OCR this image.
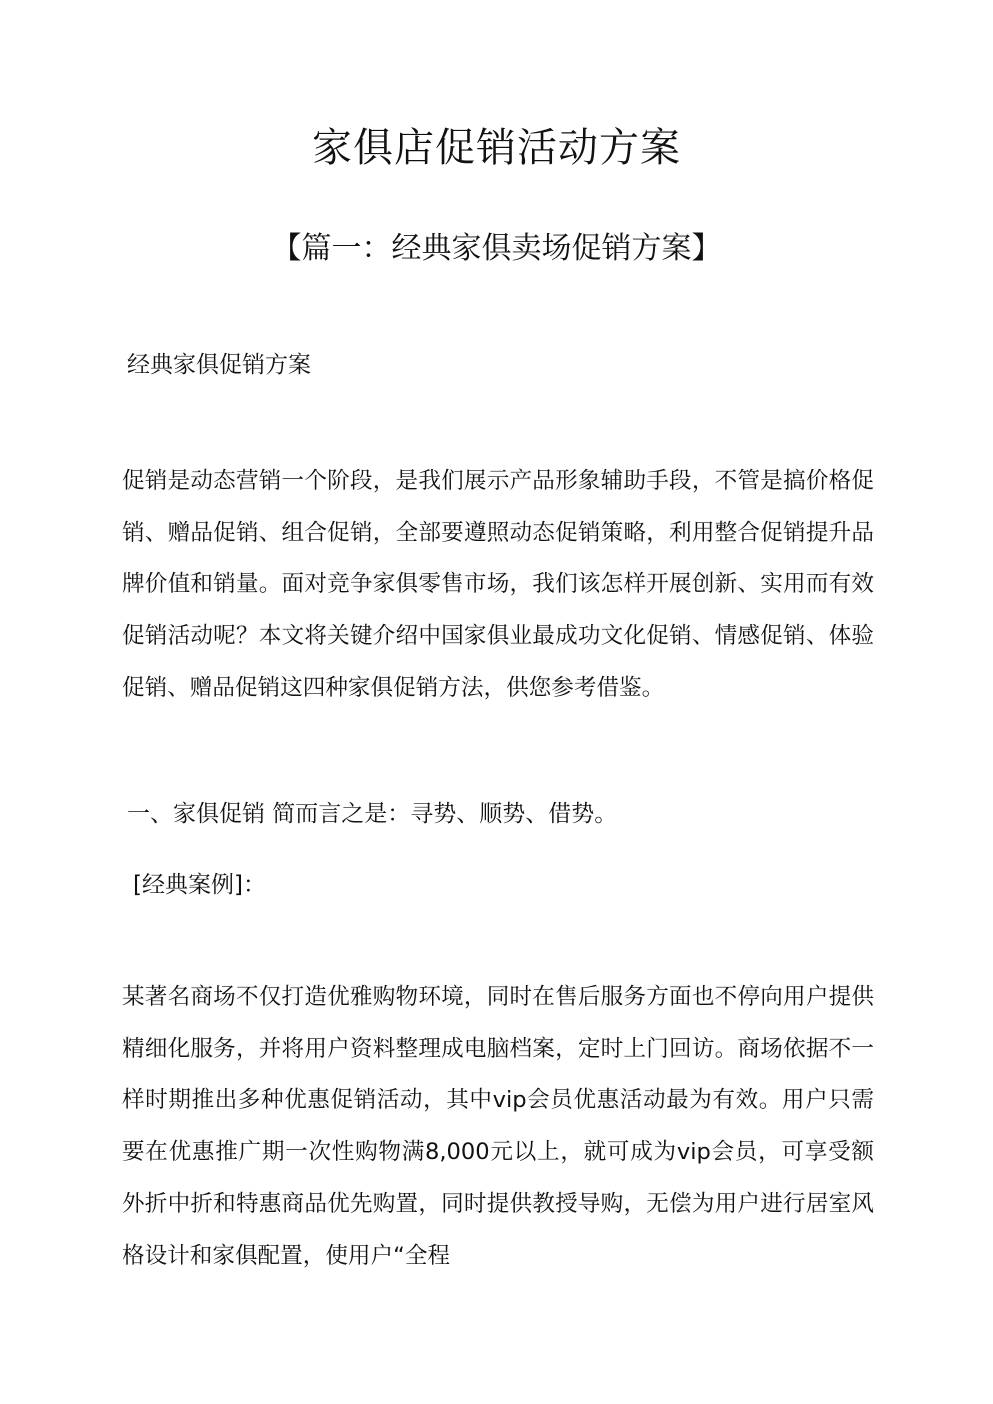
家俱店促销活动方案
【篇一：经典家俱卖场促销方案】
经典家俱促销方案

促销是动态营销一个阶段，是我们展示产品形象辅助手段，不管是搞价格促销、赠品促销、组合促销，全部要遵照动态促销策略，利用整合促销提升品牌价值和销量。面对竞争家俱零售市场，我们该怎样开展创新、实用而有效促销活动呢？本文将关键介绍中国家俱业最成功文化促销、情感促销、体验促销、赠品促销这四种家俱促销方法，供您参考借鉴。

一、家俱促销 简而言之是：寻势、顺势、借势。
[经典案例]：

某著名商场不仅打造优雅购物环境，同时在售后服务方面也不停向用户提供精细化服务，并将用户资料整理成电脑档案，定时上门回访。商场依据不一样时期推出多种优惠促销活动，其中vip会员优惠活动最为有效。用户只需要在优惠推广期一次性购物满8,000元以上，就可成为vip会员，可享受额外折中折和特惠商品优先购置，同时提供教授导购，无偿为用户进行居室风格设计和家俱配置，使用户“全程
